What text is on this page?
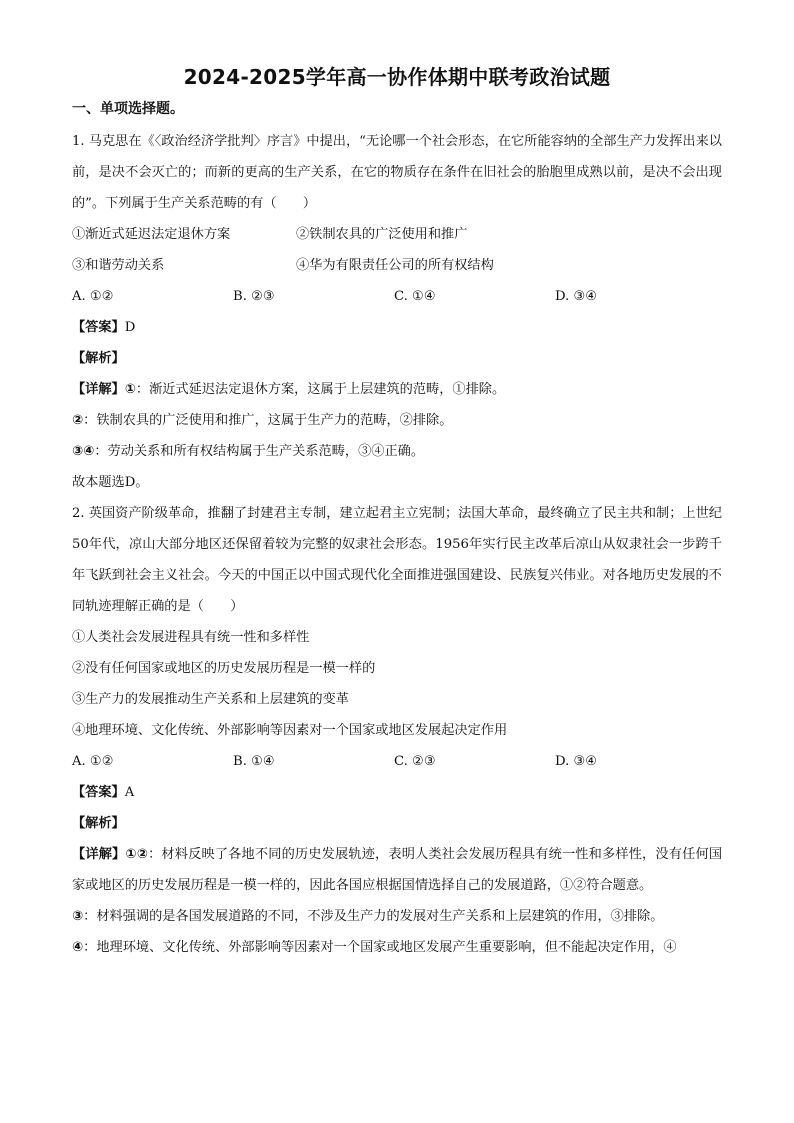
2024-2025学年高一协作体期中联考政治试题
一、单项选择题。

1. 马克思在《〈政治经济学批判〉序言》中提出，“无论哪一个社会形态，在它所能容纳的全部生产力发挥出来以前，是决不会灭亡的；而新的更高的生产关系，在它的物质存在条件在旧社会的胎胞里成熟以前，是决不会出现的”。下列属于生产关系范畴的有（　　）

①渐近式延迟法定退休方案	②铁制农具的广泛使用和推广
③和谐劳动关系	④华为有限责任公司的所有权结构
A. ①②	B. ②③	C. ①④	D. ③④

【答案】D

【解析】

【详解】①：渐近式延迟法定退休方案，这属于上层建筑的范畴，①排除。

②：铁制农具的广泛使用和推广，这属于生产力的范畴，②排除。

③④：劳动关系和所有权结构属于生产关系范畴，③④正确。

故本题选D。

2. 英国资产阶级革命，推翻了封建君主专制，建立起君主立宪制；法国大革命，最终确立了民主共和制；上世纪50年代，凉山大部分地区还保留着较为完整的奴隶社会形态。1956年实行民主改革后凉山从奴隶社会一步跨千年飞跃到社会主义社会。今天的中国正以中国式现代化全面推进强国建设、民族复兴伟业。对各地历史发展的不同轨迹理解正确的是（　　）

①人类社会发展进程具有统一性和多样性

②没有任何国家或地区的历史发展历程是一模一样的

③生产力的发展推动生产关系和上层建筑的变革

④地理环境、文化传统、外部影响等因素对一个国家或地区发展起决定作用

A. ①②	B. ①④	C. ②③	D. ③④

【答案】A

【解析】

【详解】①②：材料反映了各地不同的历史发展轨迹，表明人类社会发展历程具有统一性和多样性，没有任何国家或地区的历史发展历程是一模一样的，因此各国应根据国情选择自己的发展道路，①②符合题意。

③：材料强调的是各国发展道路的不同，不涉及生产力的发展对生产关系和上层建筑的作用，③排除。

④：地理环境、文化传统、外部影响等因素对一个国家或地区发展产生重要影响，但不能起决定作用，④
